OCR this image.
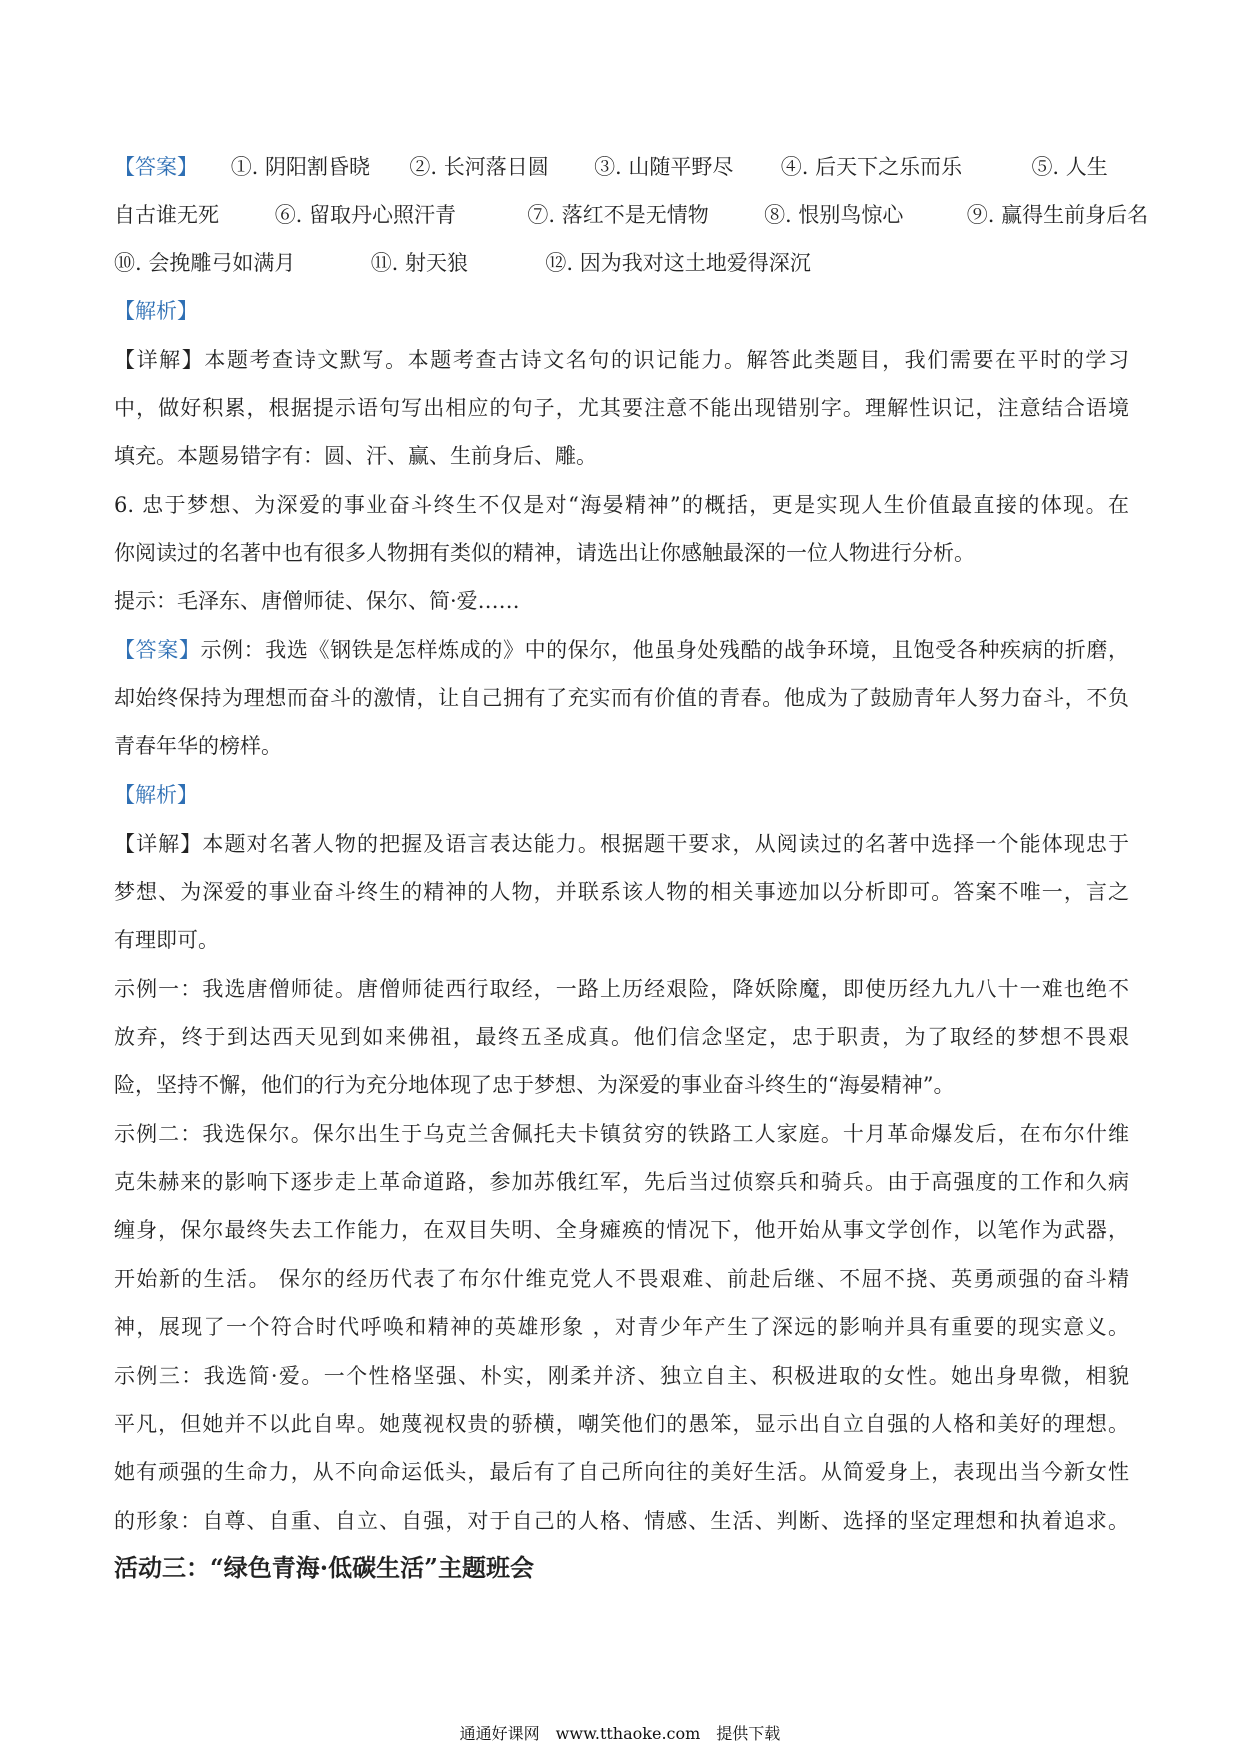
【答案】 ①. 阴阳割昏晓 ②. 长河落日圆 ③. 山随平野尽 ④. 后天下之乐而乐	⑤. 人生
自古谁无死	⑥. 留取丹心照汗青	⑦. 落红不是无情物	⑧. 恨别鸟惊心	⑨. 赢得生前身后名
⑩. 会挽雕弓如满月	⑪. 射天狼	⑫. 因为我对这土地爱得深沉
【解析】
【详解】本题考查诗文默写。本题考查古诗文名句的识记能力。解答此类题目，我们需要在平时的学习
中，做好积累，根据提示语句写出相应的句子，尤其要注意不能出现错别字。理解性识记，注意结合语境
填充。本题易错字有：圆、汗、赢、生前身后、雕。
6. 忠于梦想、为深爱的事业奋斗终生不仅是对“海晏精神”的概括，更是实现人生价值最直接的体现。在
你阅读过的名著中也有很多人物拥有类似的精神，请选出让你感触最深的一位人物进行分析。
提示：毛泽东、唐僧师徒、保尔、简·爱……
【答案】示例：我选《钢铁是怎样炼成的》中的保尔，他虽身处残酷的战争环境，且饱受各种疾病的折磨，
却始终保持为理想而奋斗的激情，让自己拥有了充实而有价值的青春。他成为了鼓励青年人努力奋斗，不负
青春年华的榜样。
【解析】
【详解】本题对名著人物的把握及语言表达能力。根据题干要求，从阅读过的名著中选择一个能体现忠于
梦想、为深爱的事业奋斗终生的精神的人物，并联系该人物的相关事迹加以分析即可。答案不唯一，言之
有理即可。
示例一：我选唐僧师徒。唐僧师徒西行取经，一路上历经艰险，降妖除魔，即使历经九九八十一难也绝不
放弃，终于到达西天见到如来佛祖，最终五圣成真。他们信念坚定，忠于职责，为了取经的梦想不畏艰
险，坚持不懈，他们的行为充分地体现了忠于梦想、为深爱的事业奋斗终生的“海晏精神”。
示例二：我选保尔。保尔出生于乌克兰舍佩托夫卡镇贫穷的铁路工人家庭。十月革命爆发后，在布尔什维
克朱赫来的影响下逐步走上革命道路，参加苏俄红军，先后当过侦察兵和骑兵。由于高强度的工作和久病
缠身，保尔最终失去工作能力，在双目失明、全身瘫痪的情况下，他开始从事文学创作，以笔作为武器，
开始新的生活。 保尔的经历代表了布尔什维克党人不畏艰难、前赴后继、不屈不挠、英勇顽强的奋斗精
神，展现了一个符合时代呼唤和精神的英雄形象 ，对青少年产生了深远的影响并具有重要的现实意义。
示例三：我选简·爱。一个性格坚强、朴实，刚柔并济、独立自主、积极进取的女性。她出身卑微，相貌
平凡，但她并不以此自卑。她蔑视权贵的骄横，嘲笑他们的愚笨，显示出自立自强的人格和美好的理想。
她有顽强的生命力，从不向命运低头，最后有了自己所向往的美好生活。从简爱身上，表现出当今新女性
的形象：自尊、自重、自立、自强，对于自己的人格、情感、生活、判断、选择的坚定理想和执着追求。
活动三：“绿色青海·低碳生活”主题班会
通通好课网　www.tthaoke.com　提供下载
